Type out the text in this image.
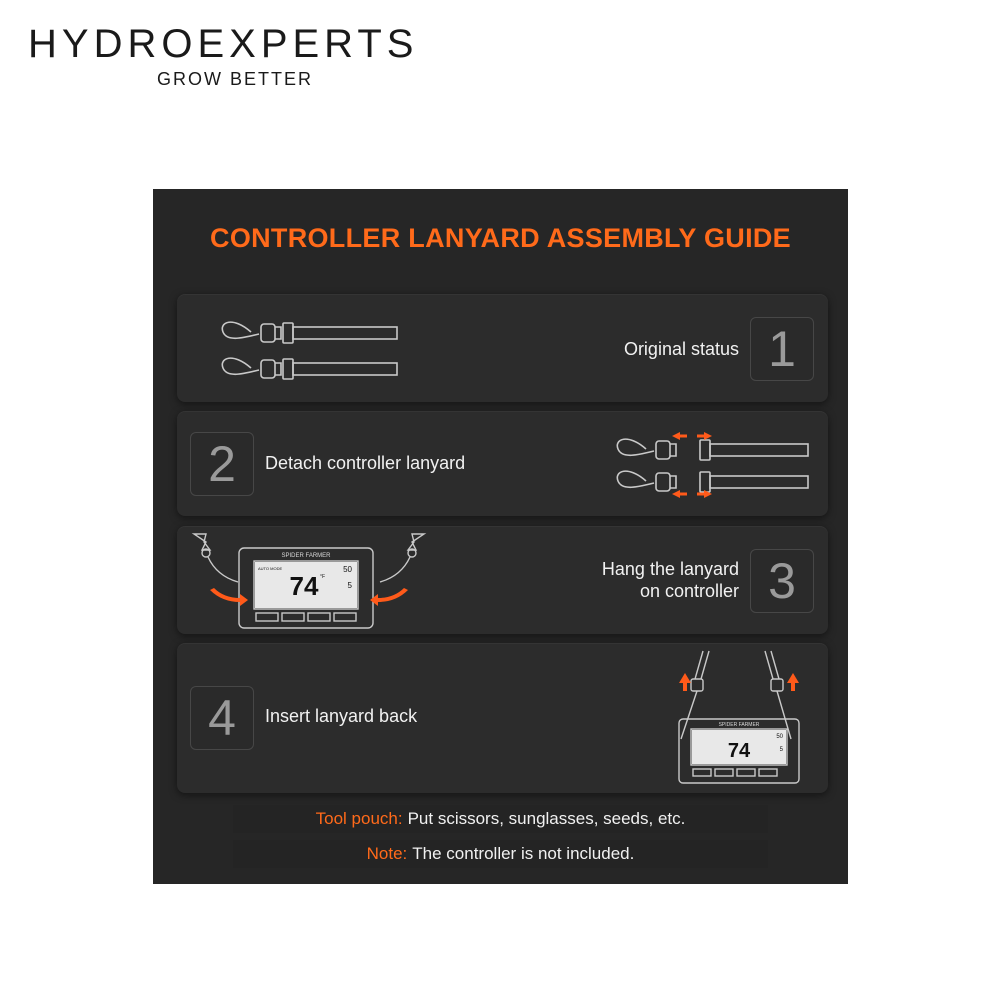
HYDROEXPERTS
GROW BETTER
CONTROLLER LANYARD ASSEMBLY GUIDE
Original status 1
2	Detach controller lanyard
SPIDER FARMER
74 °F
50
5
AUTO MODE	Hang the lanyard
on controller 3
4	Insert lanyard back	SPIDER FARMER
74
50
5
Tool pouch: Put scissors, sunglasses, seeds, etc.
Note: The controller is not included.
